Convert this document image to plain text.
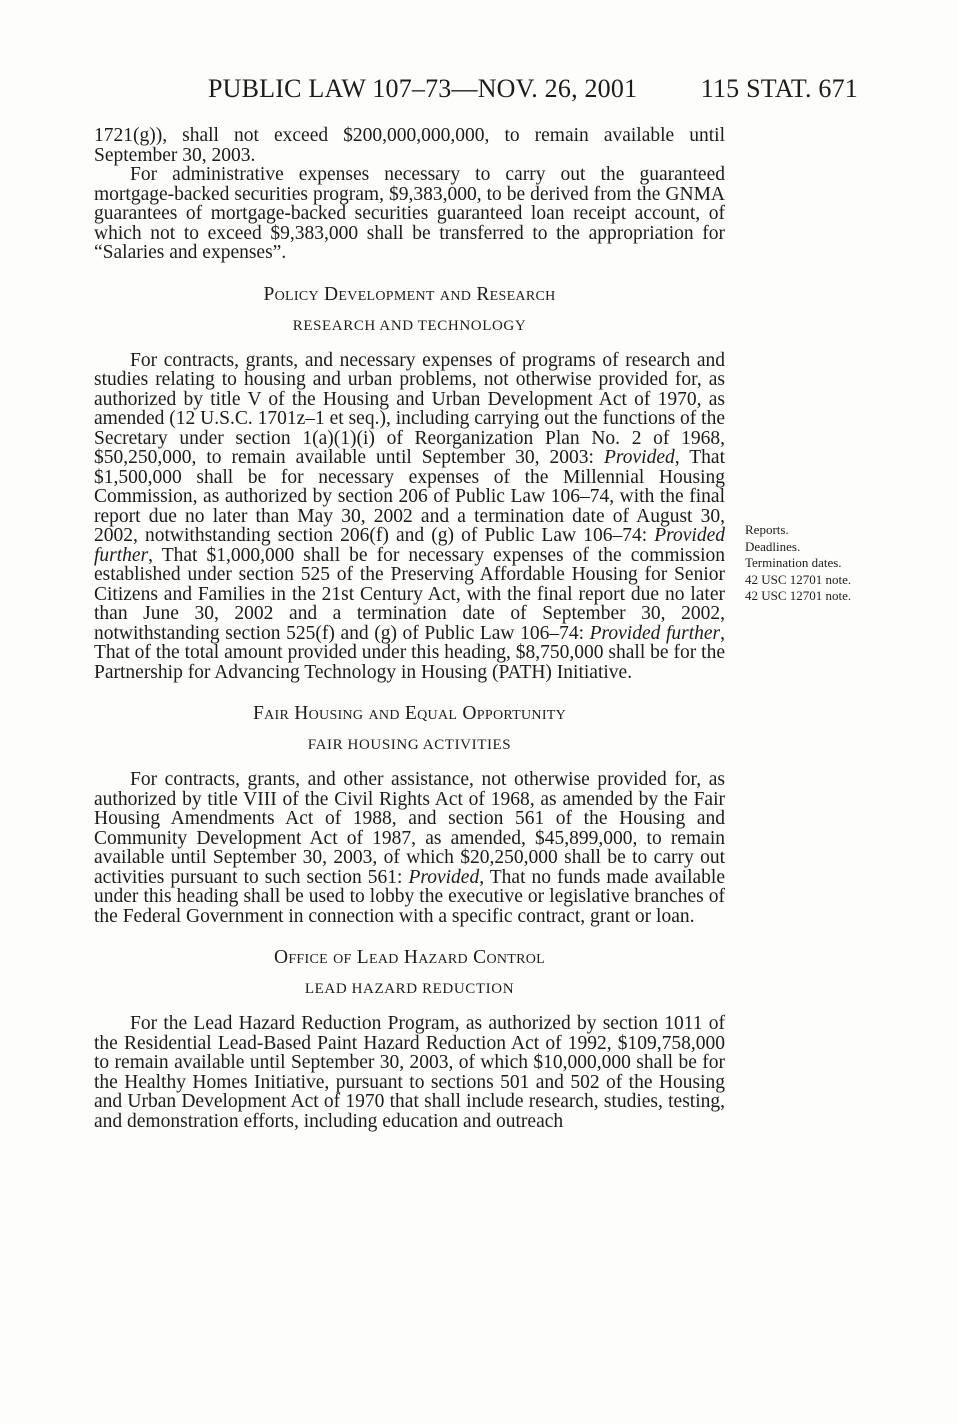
PUBLIC LAW 107–73—NOV. 26, 2001 115 STAT. 671

1721(g)), shall not exceed $200,000,000,000, to remain available until September 30, 2003.

For administrative expenses necessary to carry out the guaranteed mortgage-backed securities program, $9,383,000, to be derived from the GNMA guarantees of mortgage-backed securities guaranteed loan receipt account, of which not to exceed $9,383,000 shall be transferred to the appropriation for “Salaries and expenses”.

Policy Development and Research
RESEARCH AND TECHNOLOGY

For contracts, grants, and necessary expenses of programs of research and studies relating to housing and urban problems, not otherwise provided for, as authorized by title V of the Housing and Urban Development Act of 1970, as amended (12 U.S.C. 1701z–1 et seq.), including carrying out the functions of the Secretary under section 1(a)(1)(i) of Reorganization Plan No. 2 of 1968, $50,250,000, to remain available until September 30, 2003: Provided, That $1,500,000 shall be for necessary expenses of the Millennial Housing Commission, as authorized by section 206 of Public Law 106–74, with the final report due no later than May 30, 2002 and a termination date of August 30, 2002, notwithstanding section 206(f) and (g) of Public Law 106–74: Provided further, That $1,000,000 shall be for necessary expenses of the commission established under section 525 of the Preserving Affordable Housing for Senior Citizens and Families in the 21st Century Act, with the final report due no later than June 30, 2002 and a termination date of September 30, 2002, notwithstanding section 525(f) and (g) of Public Law 106–74: Provided further, That of the total amount provided under this heading, $8,750,000 shall be for the Partnership for Advancing Technology in Housing (PATH) Initiative.

Fair Housing and Equal Opportunity
FAIR HOUSING ACTIVITIES

For contracts, grants, and other assistance, not otherwise provided for, as authorized by title VIII of the Civil Rights Act of 1968, as amended by the Fair Housing Amendments Act of 1988, and section 561 of the Housing and Community Development Act of 1987, as amended, $45,899,000, to remain available until September 30, 2003, of which $20,250,000 shall be to carry out activities pursuant to such section 561: Provided, That no funds made available under this heading shall be used to lobby the executive or legislative branches of the Federal Government in connection with a specific contract, grant or loan.

Office of Lead Hazard Control
LEAD HAZARD REDUCTION

For the Lead Hazard Reduction Program, as authorized by section 1011 of the Residential Lead-Based Paint Hazard Reduction Act of 1992, $109,758,000 to remain available until September 30, 2003, of which $10,000,000 shall be for the Healthy Homes Initiative, pursuant to sections 501 and 502 of the Housing and Urban Development Act of 1970 that shall include research, studies, testing, and demonstration efforts, including education and outreach

Reports.
Deadlines.
Termination dates.
42 USC 12701 note.
42 USC 12701 note.
